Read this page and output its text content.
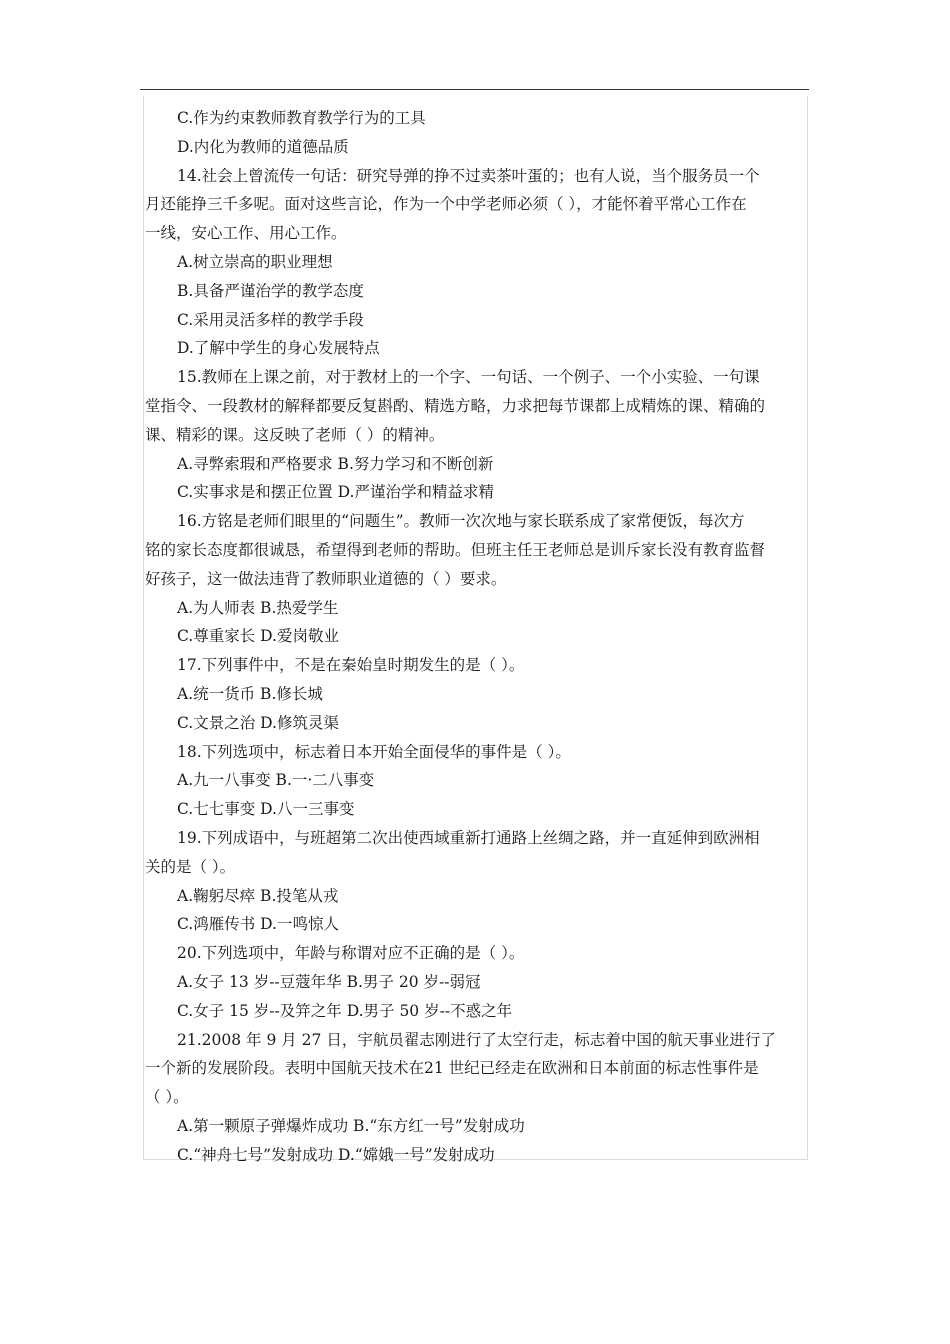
C.作为约束教师教育教学行为的工具
D.内化为教师的道德品质
14.社会上曾流传一句话：研究导弹的挣不过卖茶叶蛋的；也有人说，当个服务员一个
月还能挣三千多呢。面对这些言论，作为一个中学老师必须（ ），才能怀着平常心工作在
一线，安心工作、用心工作。
A.树立崇高的职业理想
B.具备严谨治学的教学态度
C.采用灵活多样的教学手段
D.了解中学生的身心发展特点
15.教师在上课之前，对于教材上的一个字、一句话、一个例子、一个小实验、一句课
堂指令、一段教材的解释都要反复斟酌、精选方略，力求把每节课都上成精炼的课、精确的
课、精彩的课。这反映了老师（ ）的精神。
A.寻弊索瑕和严格要求 B.努力学习和不断创新
C.实事求是和摆正位置 D.严谨治学和精益求精
16.方铭是老师们眼里的“问题生”。教师一次次地与家长联系成了家常便饭，每次方
铭的家长态度都很诚恳，希望得到老师的帮助。但班主任王老师总是训斥家长没有教育监督
好孩子，这一做法违背了教师职业道德的（ ）要求。
A.为人师表 B.热爱学生
C.尊重家长 D.爱岗敬业
17.下列事件中，不是在秦始皇时期发生的是（ ）。
A.统一货币 B.修长城
C.文景之治 D.修筑灵渠
18.下列选项中，标志着日本开始全面侵华的事件是（ ）。
A.九一八事变 B.一·二八事变
C.七七事变 D.八一三事变
19.下列成语中，与班超第二次出使西域重新打通路上丝绸之路，并一直延伸到欧洲相
关的是（ ）。
A.鞠躬尽瘁 B.投笔从戎
C.鸿雁传书 D.一鸣惊人
20.下列选项中，年龄与称谓对应不正确的是（ ）。
A.女子 13 岁--豆蔻年华 B.男子 20 岁--弱冠
C.女子 15 岁--及笄之年 D.男子 50 岁--不惑之年
21.2008 年 9 月 27 日，宇航员翟志刚进行了太空行走，标志着中国的航天事业进行了
一个新的发展阶段。表明中国航天技术在21 世纪已经走在欧洲和日本前面的标志性事件是
（ ）。
A.第一颗原子弹爆炸成功 B.“东方红一号”发射成功
C.“神舟七号”发射成功 D.“嫦娥一号”发射成功
